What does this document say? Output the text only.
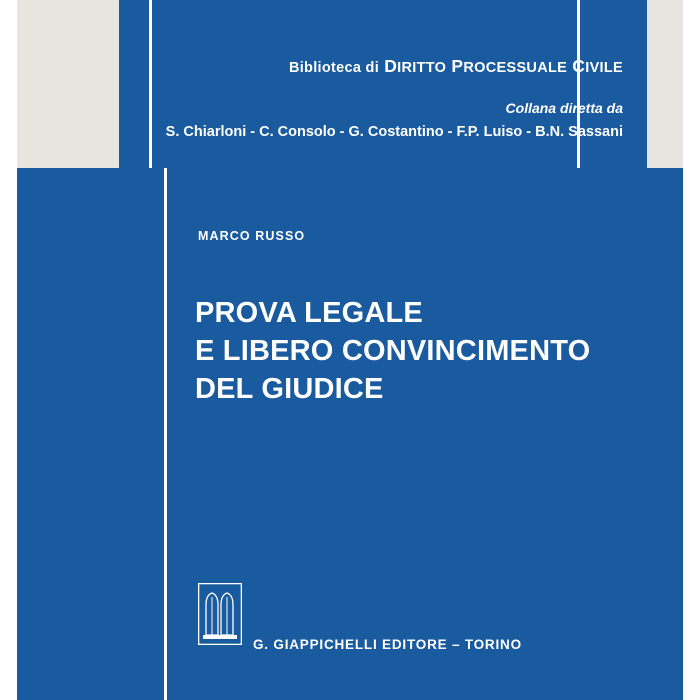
Biblioteca di DIRITTO PROCESSUALE CIVILE
Collana diretta da
S. Chiarloni - C. Consolo - G. Costantino - F.P. Luiso - B.N. Sassani
MARCO RUSSO
PROVA LEGALE
E LIBERO CONVINCIMENTO
DEL GIUDICE
G. GIAPPICHELLI EDITORE – TORINO
